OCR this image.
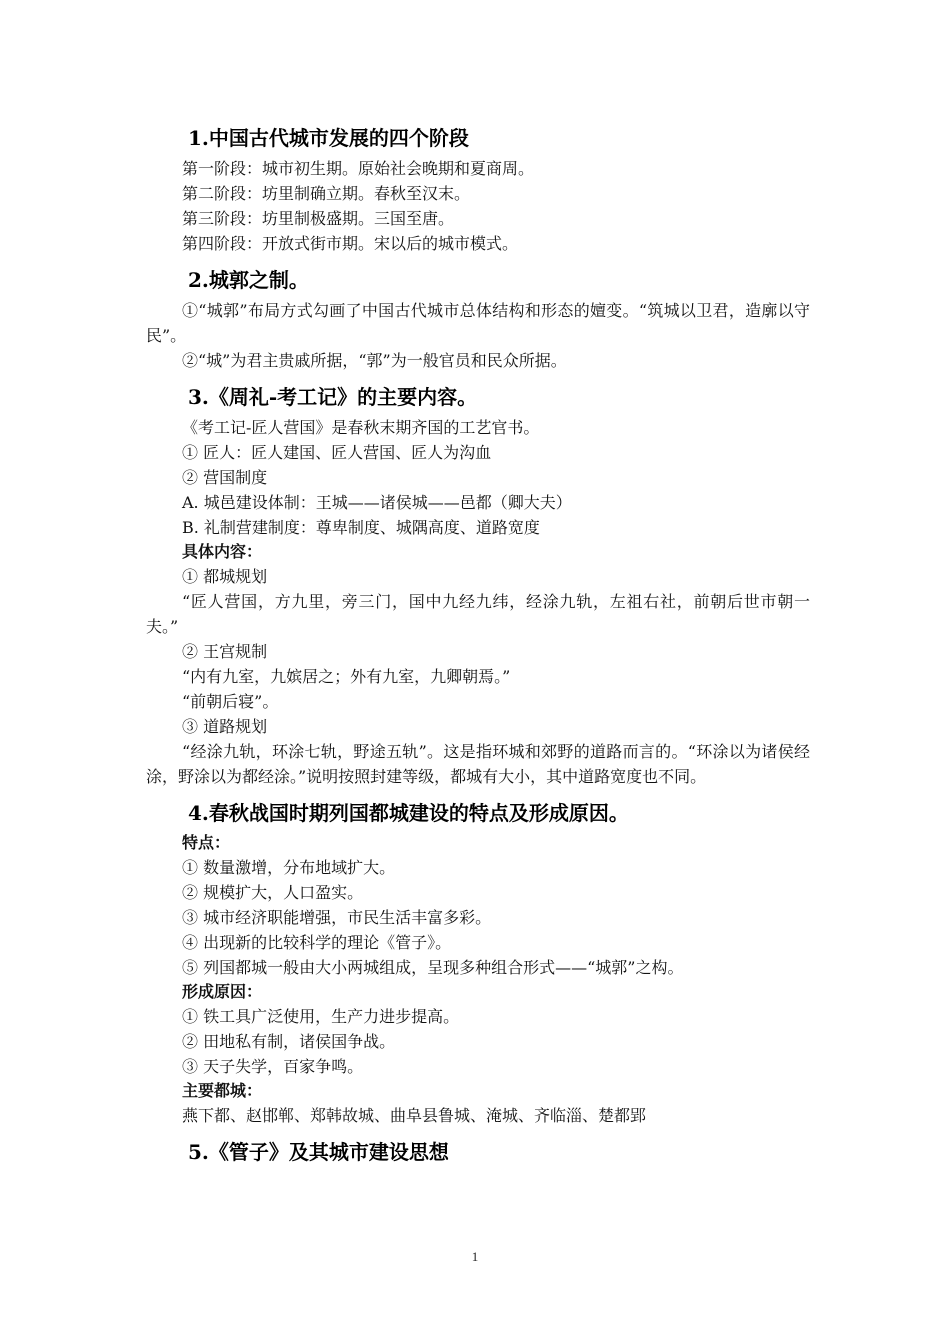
1.中国古代城市发展的四个阶段
第一阶段：城市初生期。原始社会晚期和夏商周。
第二阶段：坊里制确立期。春秋至汉末。
第三阶段：坊里制极盛期。三国至唐。
第四阶段：开放式街市期。宋以后的城市模式。
2.城郭之制。

①“城郭”布局方式勾画了中国古代城市总体结构和形态的嬗变。“筑城以卫君，造廓以守民”。

②“城”为君主贵戚所据，“郭”为一般官员和民众所据。

3.《周礼-考工记》的主要内容。
《考工记-匠人营国》是春秋末期齐国的工艺官书。
① 匠人：匠人建国、匠人营国、匠人为沟血
② 营国制度
A. 城邑建设体制：王城——诸侯城——邑都（卿大夫）
B. 礼制营建制度：尊卑制度、城隅高度、道路宽度
具体内容：
① 都城规划

“匠人营国，方九里，旁三门，国中九经九纬，经涂九轨，左祖右社，前朝后世市朝一夫。”

② 王宫规制
“内有九室，九嫔居之；外有九室，九卿朝焉。”
“前朝后寝”。
③ 道路规划

“经涂九轨，环涂七轨，野途五轨”。这是指环城和郊野的道路而言的。“环涂以为诸侯经涂，野涂以为都经涂。”说明按照封建等级，都城有大小，其中道路宽度也不同。

4.春秋战国时期列国都城建设的特点及形成原因。
特点：
① 数量激增，分布地域扩大。
② 规模扩大，人口盈实。
③ 城市经济职能增强，市民生活丰富多彩。
④ 出现新的比较科学的理论《管子》。
⑤ 列国都城一般由大小两城组成，呈现多种组合形式——“城郭”之构。
形成原因：
① 铁工具广泛使用，生产力进步提高。
② 田地私有制，诸侯国争战。
③ 天子失学，百家争鸣。
主要都城：
燕下都、赵邯郸、郑韩故城、曲阜县鲁城、淹城、齐临淄、楚都郢
5.《管子》及其城市建设思想
1
